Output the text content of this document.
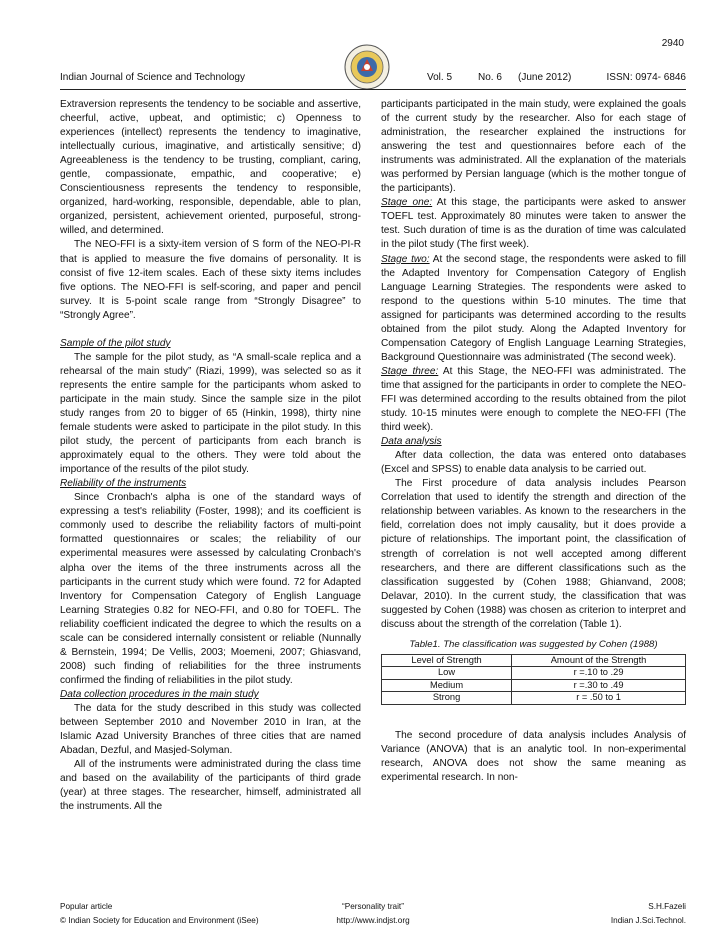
2940
Indian Journal of Science and Technology	Vol. 5	No. 6 (June 2012)	ISSN: 0974- 6846

Extraversion represents the tendency to be sociable and assertive, cheerful, active, upbeat, and optimistic; c) Openness to experiences (intellect) represents the tendency to imaginative, intellectually curious, imaginative, and artistically sensitive; d) Agreeableness is the tendency to be trusting, compliant, caring, gentle, compassionate, empathic, and cooperative; e) Conscientiousness represents the tendency to responsible, organized, hard-working, responsible, dependable, able to plan, organized, persistent, achievement oriented, purposeful, strong-willed, and determined.

The NEO-FFI is a sixty-item version of S form of the NEO-PI-R that is applied to measure the five domains of personality. It is consist of five 12-item scales. Each of these sixty items includes five options. The NEO-FFI is self-scoring, and paper and pencil survey. It is 5-point scale range from “Strongly Disagree” to “Strongly Agree”.

Sample of the pilot study

The sample for the pilot study, as “A small-scale replica and a rehearsal of the main study” (Riazi, 1999), was selected so as it represents the entire sample for the participants whom asked to participate in the main study. Since the sample size in the pilot study ranges from 20 to bigger of 65 (Hinkin, 1998), thirty nine female students were asked to participate in the pilot study. In this pilot study, the percent of participants from each branch is approximately equal to the others. They were told about the importance of the results of the pilot study.

Reliability of the instruments

Since Cronbach's alpha is one of the standard ways of expressing a test's reliability (Foster, 1998); and its coefficient is commonly used to describe the reliability factors of multi-point formatted questionnaires or scales; the reliability of our experimental measures were assessed by calculating Cronbach's alpha over the items of the three instruments across all the participants in the current study which were found. 72 for Adapted Inventory for Compensation Category of English Language Learning Strategies 0.82 for NEO-FFI, and 0.80 for TOEFL. The reliability coefficient indicated the degree to which the results on a scale can be considered internally consistent or reliable (Nunnally & Bernstein, 1994; De Vellis, 2003; Moemeni, 2007; Ghiasvand, 2008) such finding of reliabilities for the three instruments confirmed the finding of reliabilities in the pilot study.

Data collection procedures in the main study

The data for the study described in this study was collected between September 2010 and November 2010 in Iran, at the Islamic Azad University Branches of three cities that are named Abadan, Dezful, and Masjed-Solyman.

All of the instruments were administrated during the class time and based on the availability of the participants of third grade (year) at three stages. The researcher, himself, administrated all the instruments. All the

participants participated in the main study, were explained the goals of the current study by the researcher. Also for each stage of administration, the researcher explained the instructions for answering the test and questionnaires before each of the instruments was administrated. All the explanation of the materials was performed by Persian language (which is the mother tongue of the participants).

Stage one: At this stage, the participants were asked to answer TOEFL test. Approximately 80 minutes were taken to answer the test. Such duration of time is as the duration of time was calculated in the pilot study (The first week).

Stage two: At the second stage, the respondents were asked to fill the Adapted Inventory for Compensation Category of English Language Learning Strategies. The respondents were asked to respond to the questions within 5-10 minutes. The time that assigned for participants was determined according to the results obtained from the pilot study. Along the Adapted Inventory for Compensation Category of English Language Learning Strategies, Background Questionnaire was administrated (The second week).

Stage three: At this Stage, the NEO-FFI was administrated. The time that assigned for the participants in order to complete the NEO-FFI was determined according to the results obtained from the pilot study. 10-15 minutes were enough to complete the NEO-FFI (The third week).

Data analysis

After data collection, the data was entered onto databases (Excel and SPSS) to enable data analysis to be carried out.

The First procedure of data analysis includes Pearson Correlation that used to identify the strength and direction of the relationship between variables. As known to the researchers in the field, correlation does not imply causality, but it does provide a picture of relationships. The important point, the classification of strength of correlation is not well accepted among different researchers, and there are different classifications such as the classification suggested by (Cohen 1988; Ghianvand, 2008; Delavar, 2010). In the current study, the classification that was suggested by Cohen (1988) was chosen as criterion to interpret and discuss about the strength of the correlation (Table 1).

Table1. The classification was suggested by Cohen (1988)
Level of Strength	Amount of the Strength
Low	r =.10 to .29
Medium	r =.30 to .49
Strong	r = .50 to 1

The second procedure of data analysis includes Analysis of Variance (ANOVA) that is an analytic tool. In non-experimental research, ANOVA does not show the same meaning as experimental research. In non-

Popular article	“Personality trait”	S.H.Fazeli
© Indian Society for Education and Environment (iSee)	http://www.indjst.org	Indian J.Sci.Technol.
